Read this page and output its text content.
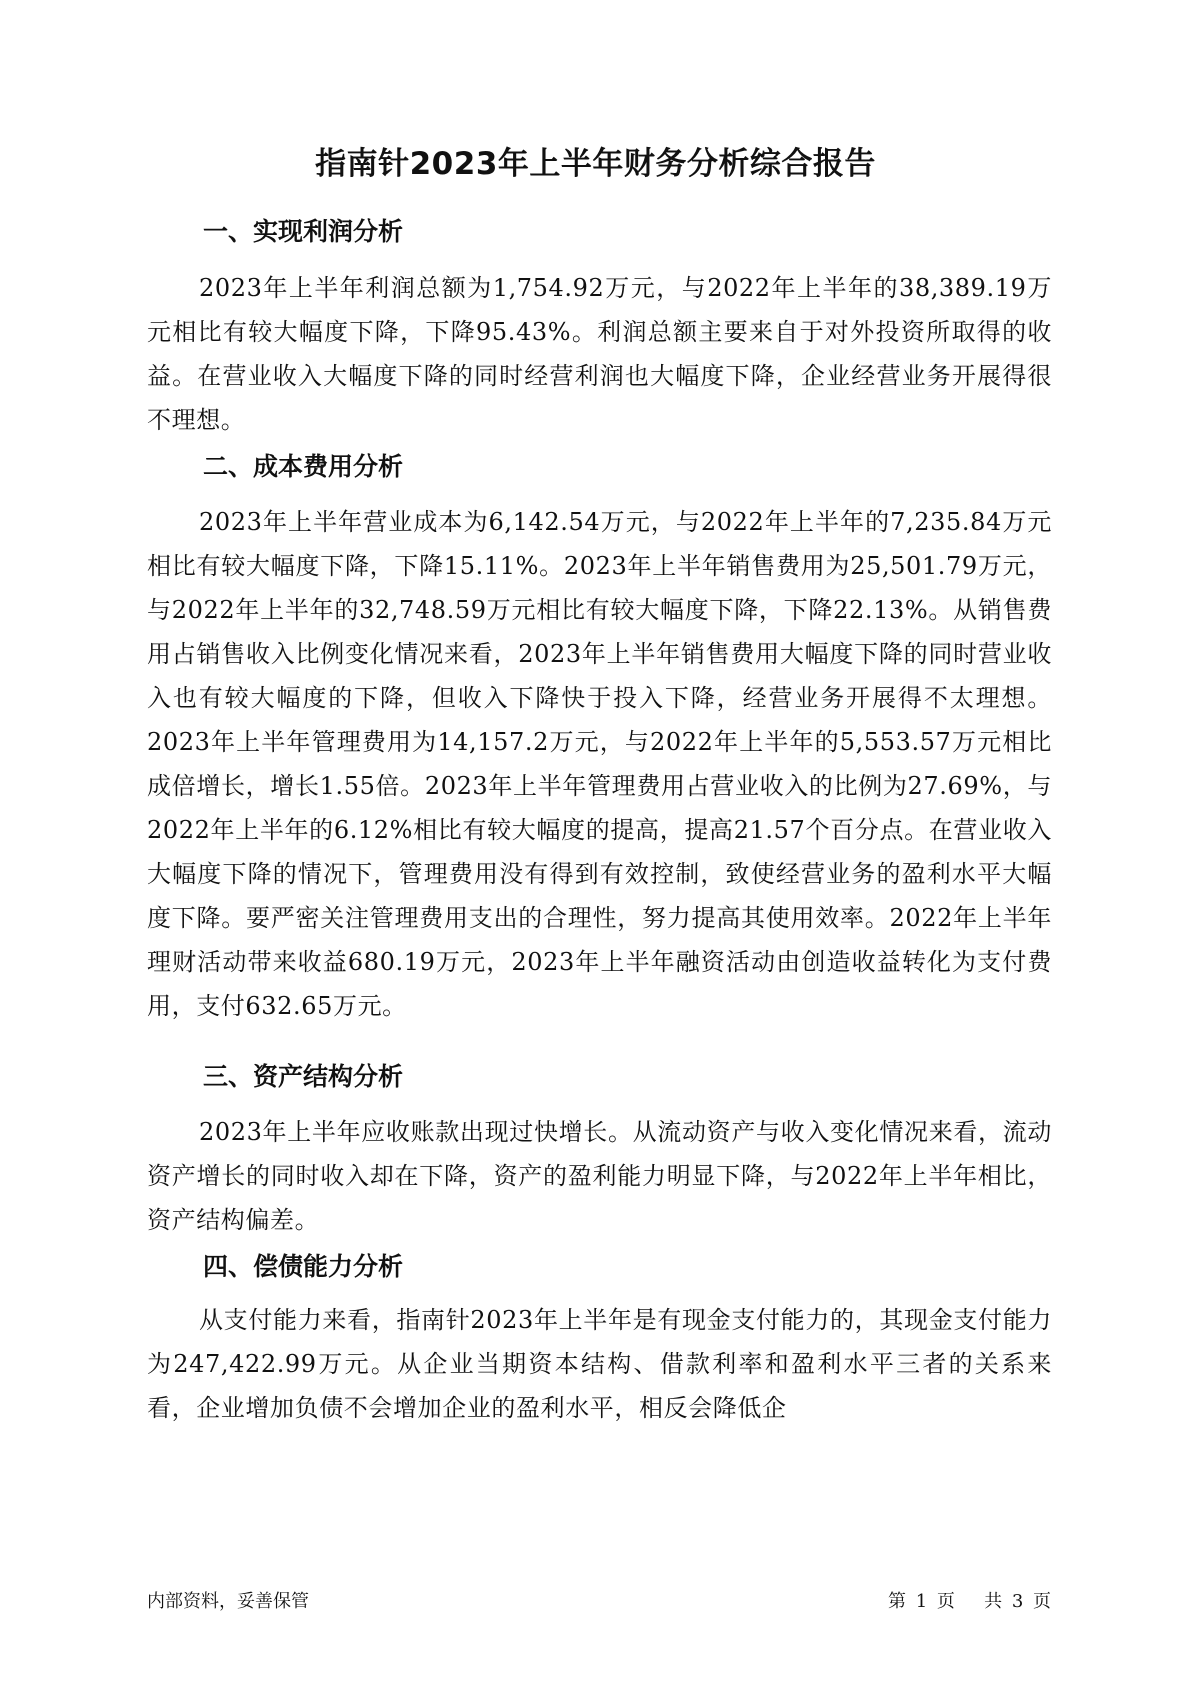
指南针2023年上半年财务分析综合报告
一、实现利润分析
2023年上半年利润总额为1,754.92万元，与2022年上半年的38,389.19万元相比有较大幅度下降，下降95.43%。利润总额主要来自于对外投资所取得的收益。在营业收入大幅度下降的同时经营利润也大幅度下降，企业经营业务开展得很不理想。
二、成本费用分析
2023年上半年营业成本为6,142.54万元，与2022年上半年的7,235.84万元相比有较大幅度下降，下降15.11%。2023年上半年销售费用为25,501.79万元，与2022年上半年的32,748.59万元相比有较大幅度下降，下降22.13%。从销售费用占销售收入比例变化情况来看，2023年上半年销售费用大幅度下降的同时营业收入也有较大幅度的下降，但收入下降快于投入下降，经营业务开展得不太理想。2023年上半年管理费用为14,157.2万元，与2022年上半年的5,553.57万元相比成倍增长，增长1.55倍。2023年上半年管理费用占营业收入的比例为27.69%，与2022年上半年的6.12%相比有较大幅度的提高，提高21.57个百分点。在营业收入大幅度下降的情况下，管理费用没有得到有效控制，致使经营业务的盈利水平大幅度下降。要严密关注管理费用支出的合理性，努力提高其使用效率。2022年上半年理财活动带来收益680.19万元，2023年上半年融资活动由创造收益转化为支付费用，支付632.65万元。
三、资产结构分析
2023年上半年应收账款出现过快增长。从流动资产与收入变化情况来看，流动资产增长的同时收入却在下降，资产的盈利能力明显下降，与2022年上半年相比，资产结构偏差。
四、偿债能力分析
从支付能力来看，指南针2023年上半年是有现金支付能力的，其现金支付能力为247,422.99万元。从企业当期资本结构、借款利率和盈利水平三者的关系来看，企业增加负债不会增加企业的盈利水平，相反会降低企
内部资料，妥善保管	第 1 页   共 3 页
